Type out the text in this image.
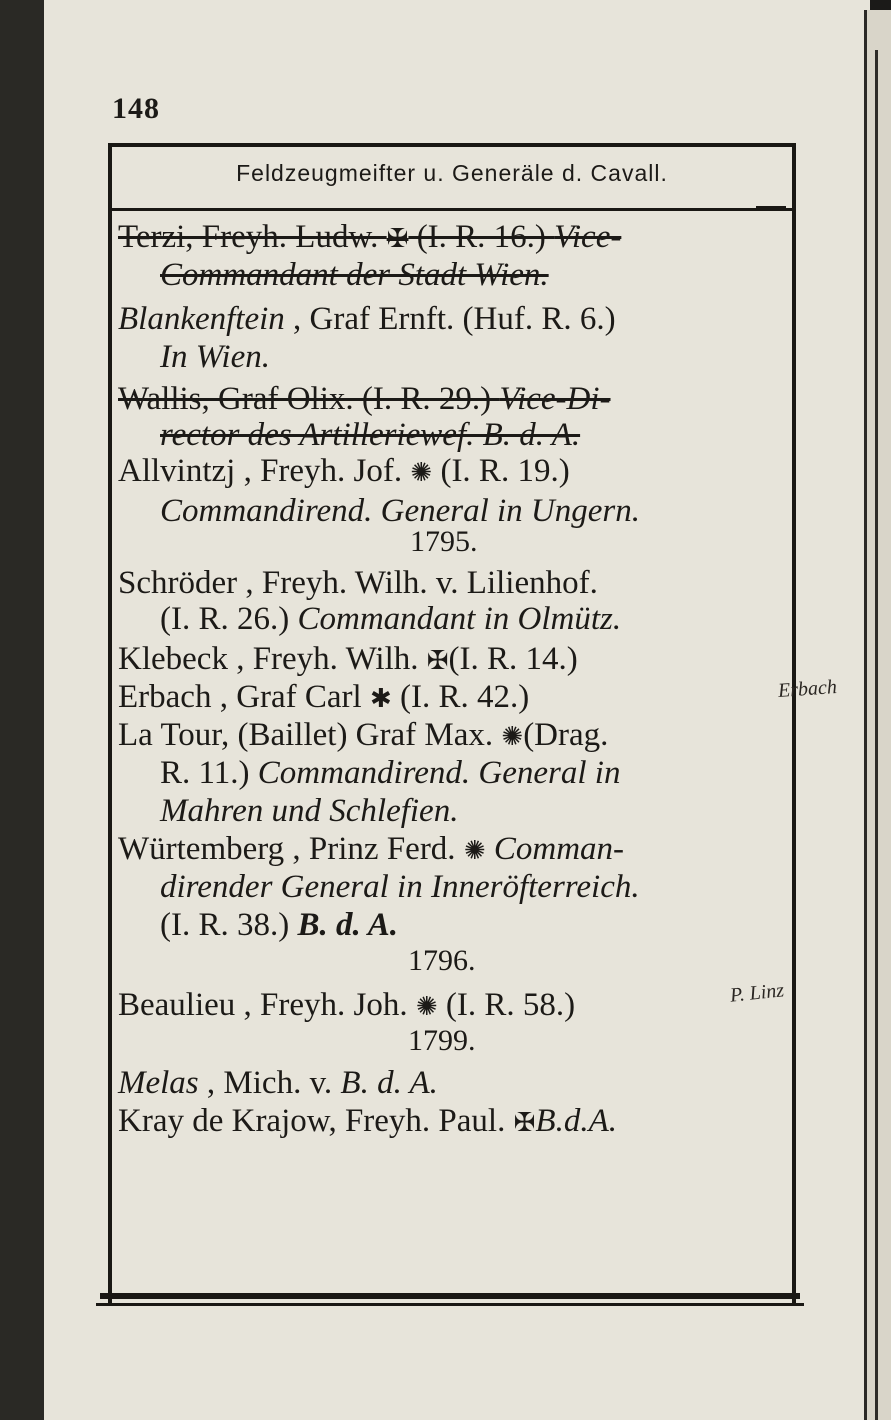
148
Feldzeugmeifter u. Generäle d. Cavall.
Terzi, Freyh. Ludw. ✠ (I. R. 16.) Vice-
Commandant der Stadt Wien.
Blankenftein , Graf Ernft. (Huf. R. 6.)
In Wien.
Wallis, Graf Olix. (I. R. 29.) Vice-Di-
rector des Artilleriewef. B. d. A.
Allvintzj , Freyh. Jof. ✺ (I. R. 19.)
Commandirend. General in Ungern.
Schröder , Freyh. Wilh. v. Lilienhof.
(I. R. 26.) Commandant in Olmütz.
Klebeck , Freyh. Wilh. ✠(I. R. 14.)
Erbach , Graf Carl ✱ (I. R. 42.)
La Tour, (Baillet) Graf Max. ✺(Drag.
R. 11.) Commandirend. General in
Mahren und Schlefien.
Würtemberg , Prinz Ferd. ✺ Comman-
dirender General in Inneröfterreich.
(I. R. 38.) B. d. A.
Beaulieu , Freyh. Joh. ✺ (I. R. 58.)
Melas , Mich. v. B. d. A.
Kray de Krajow, Freyh. Paul. ✠B.d.A.
1795.
1796.
1799.
Erbach
P. Linz
